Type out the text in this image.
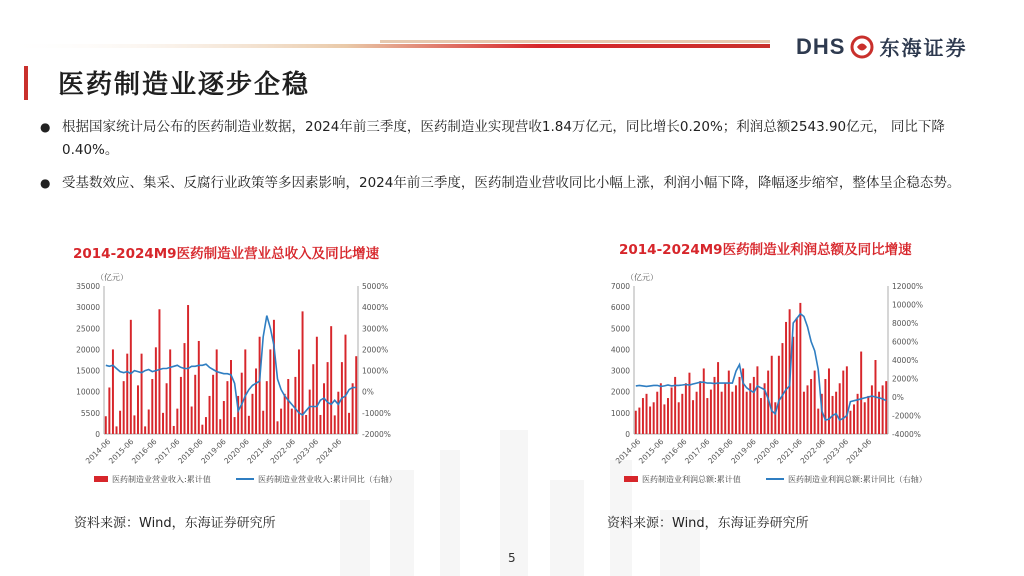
DHS 东海证券
医药制造业逐步企稳
● 根据国家统计局公布的医药制造业数据，2024年前三季度，医药制造业实现营收1.84万亿元，同比增长0.20%；利润总额2543.90亿元， 同比下降0.40%。
● 受基数效应、集采、反腐行业政策等多因素影响，2024年前三季度，医药制造业营收同比小幅上涨，利润小幅下降，降幅逐步缩窄，整体呈企稳态势。
2014-2024M9医药制造业营业总收入及同比增速	2014-2024M9医药制造业利润总额及同比增速
（亿元）
35000
30000
25000
20000
15000
10000
5500
0
5000%
4000%
3000%
2000%
1000%
0%
-1000%
-2000%
2014-06
2015-06
2016-06
2017-06
2018-06
2019-06
2020-06
2021-06
2022-06
2023-06
2024-06
医药制造业营业收入:累计值	医药制造业营业收入:累计同比（右轴）
（亿元）
7000
6000
5000
4000
3000
2000
1000
0
12000%
10000%
8000%
6000%
4000%
2000%
0%
-2000%
-4000%
2014-06
2015-06
2016-06
2017-06
2018-06
2019-06
2020-06
2021-06
2022-06
2023-06
2024-06
医药制造业利润总额:累计值	医药制造业利润总额:累计同比（右轴）
资料来源：Wind，东海证券研究所	资料来源：Wind，东海证券研究所
5
